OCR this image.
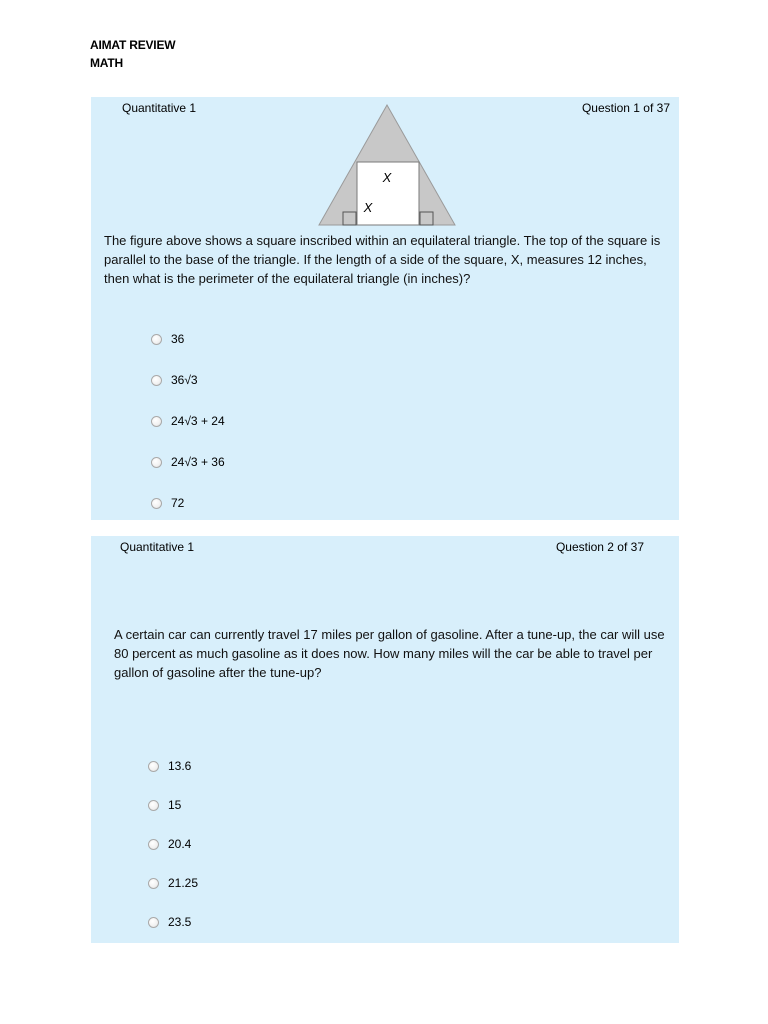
AIMAT REVIEW
MATH
Quantitative 1	Question 1 of 37
X
X
The figure above shows a square inscribed within an equilateral triangle. The top of the square is parallel to the base of the triangle. If the length of a side of the square, X, measures 12 inches, then what is the perimeter of the equilateral triangle (in inches)?
36
36√3
24√3 + 24
24√3 + 36
72
Quantitative 1	Question 2 of 37
A certain car can currently travel 17 miles per gallon of gasoline. After a tune-up, the car will use 80 percent as much gasoline as it does now. How many miles will the car be able to travel per gallon of gasoline after the tune-up?
13.6
15
20.4
21.25
23.5
